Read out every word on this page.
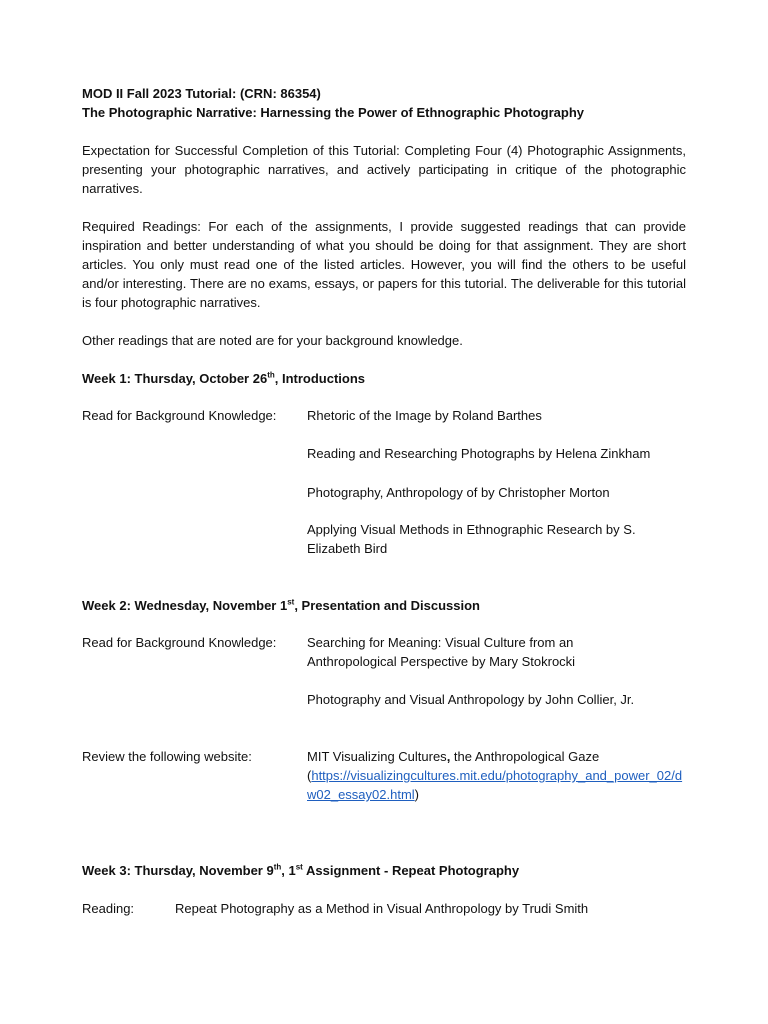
MOD II Fall 2023 Tutorial: (CRN: 86354)

The Photographic Narrative: Harnessing the Power of Ethnographic Photography

Expectation for Successful Completion of this Tutorial: Completing Four (4) Photographic Assignments, presenting your photographic narratives, and actively participating in critique of the photographic narratives.

Required Readings: For each of the assignments, I provide suggested readings that can provide inspiration and better understanding of what you should be doing for that assignment. They are short articles. You only must read one of the listed articles. However, you will find the others to be useful and/or interesting. There are no exams, essays, or papers for this tutorial. The deliverable for this tutorial is four photographic narratives.

Other readings that are noted are for your background knowledge.

Week 1: Thursday, October 26th, Introductions

Read for Background Knowledge: Rhetoric of the Image by Roland Barthes

Reading and Researching Photographs by Helena Zinkham

Photography, Anthropology of by Christopher Morton

Applying Visual Methods in Ethnographic Research by S. Elizabeth Bird

Week 2: Wednesday, November 1st, Presentation and Discussion

Read for Background Knowledge: Searching for Meaning: Visual Culture from an Anthropological Perspective by Mary Stokrocki

Photography and Visual Anthropology by John Collier, Jr.

Review the following website:	MIT Visualizing Cultures, the Anthropological Gaze

(https://visualizingcultures.mit.edu/photography_and_power_02/dw02_essay02.html)

Week 3: Thursday, November 9th, 1st Assignment - Repeat Photography

Reading:	Repeat Photography as a Method in Visual Anthropology by Trudi Smith
